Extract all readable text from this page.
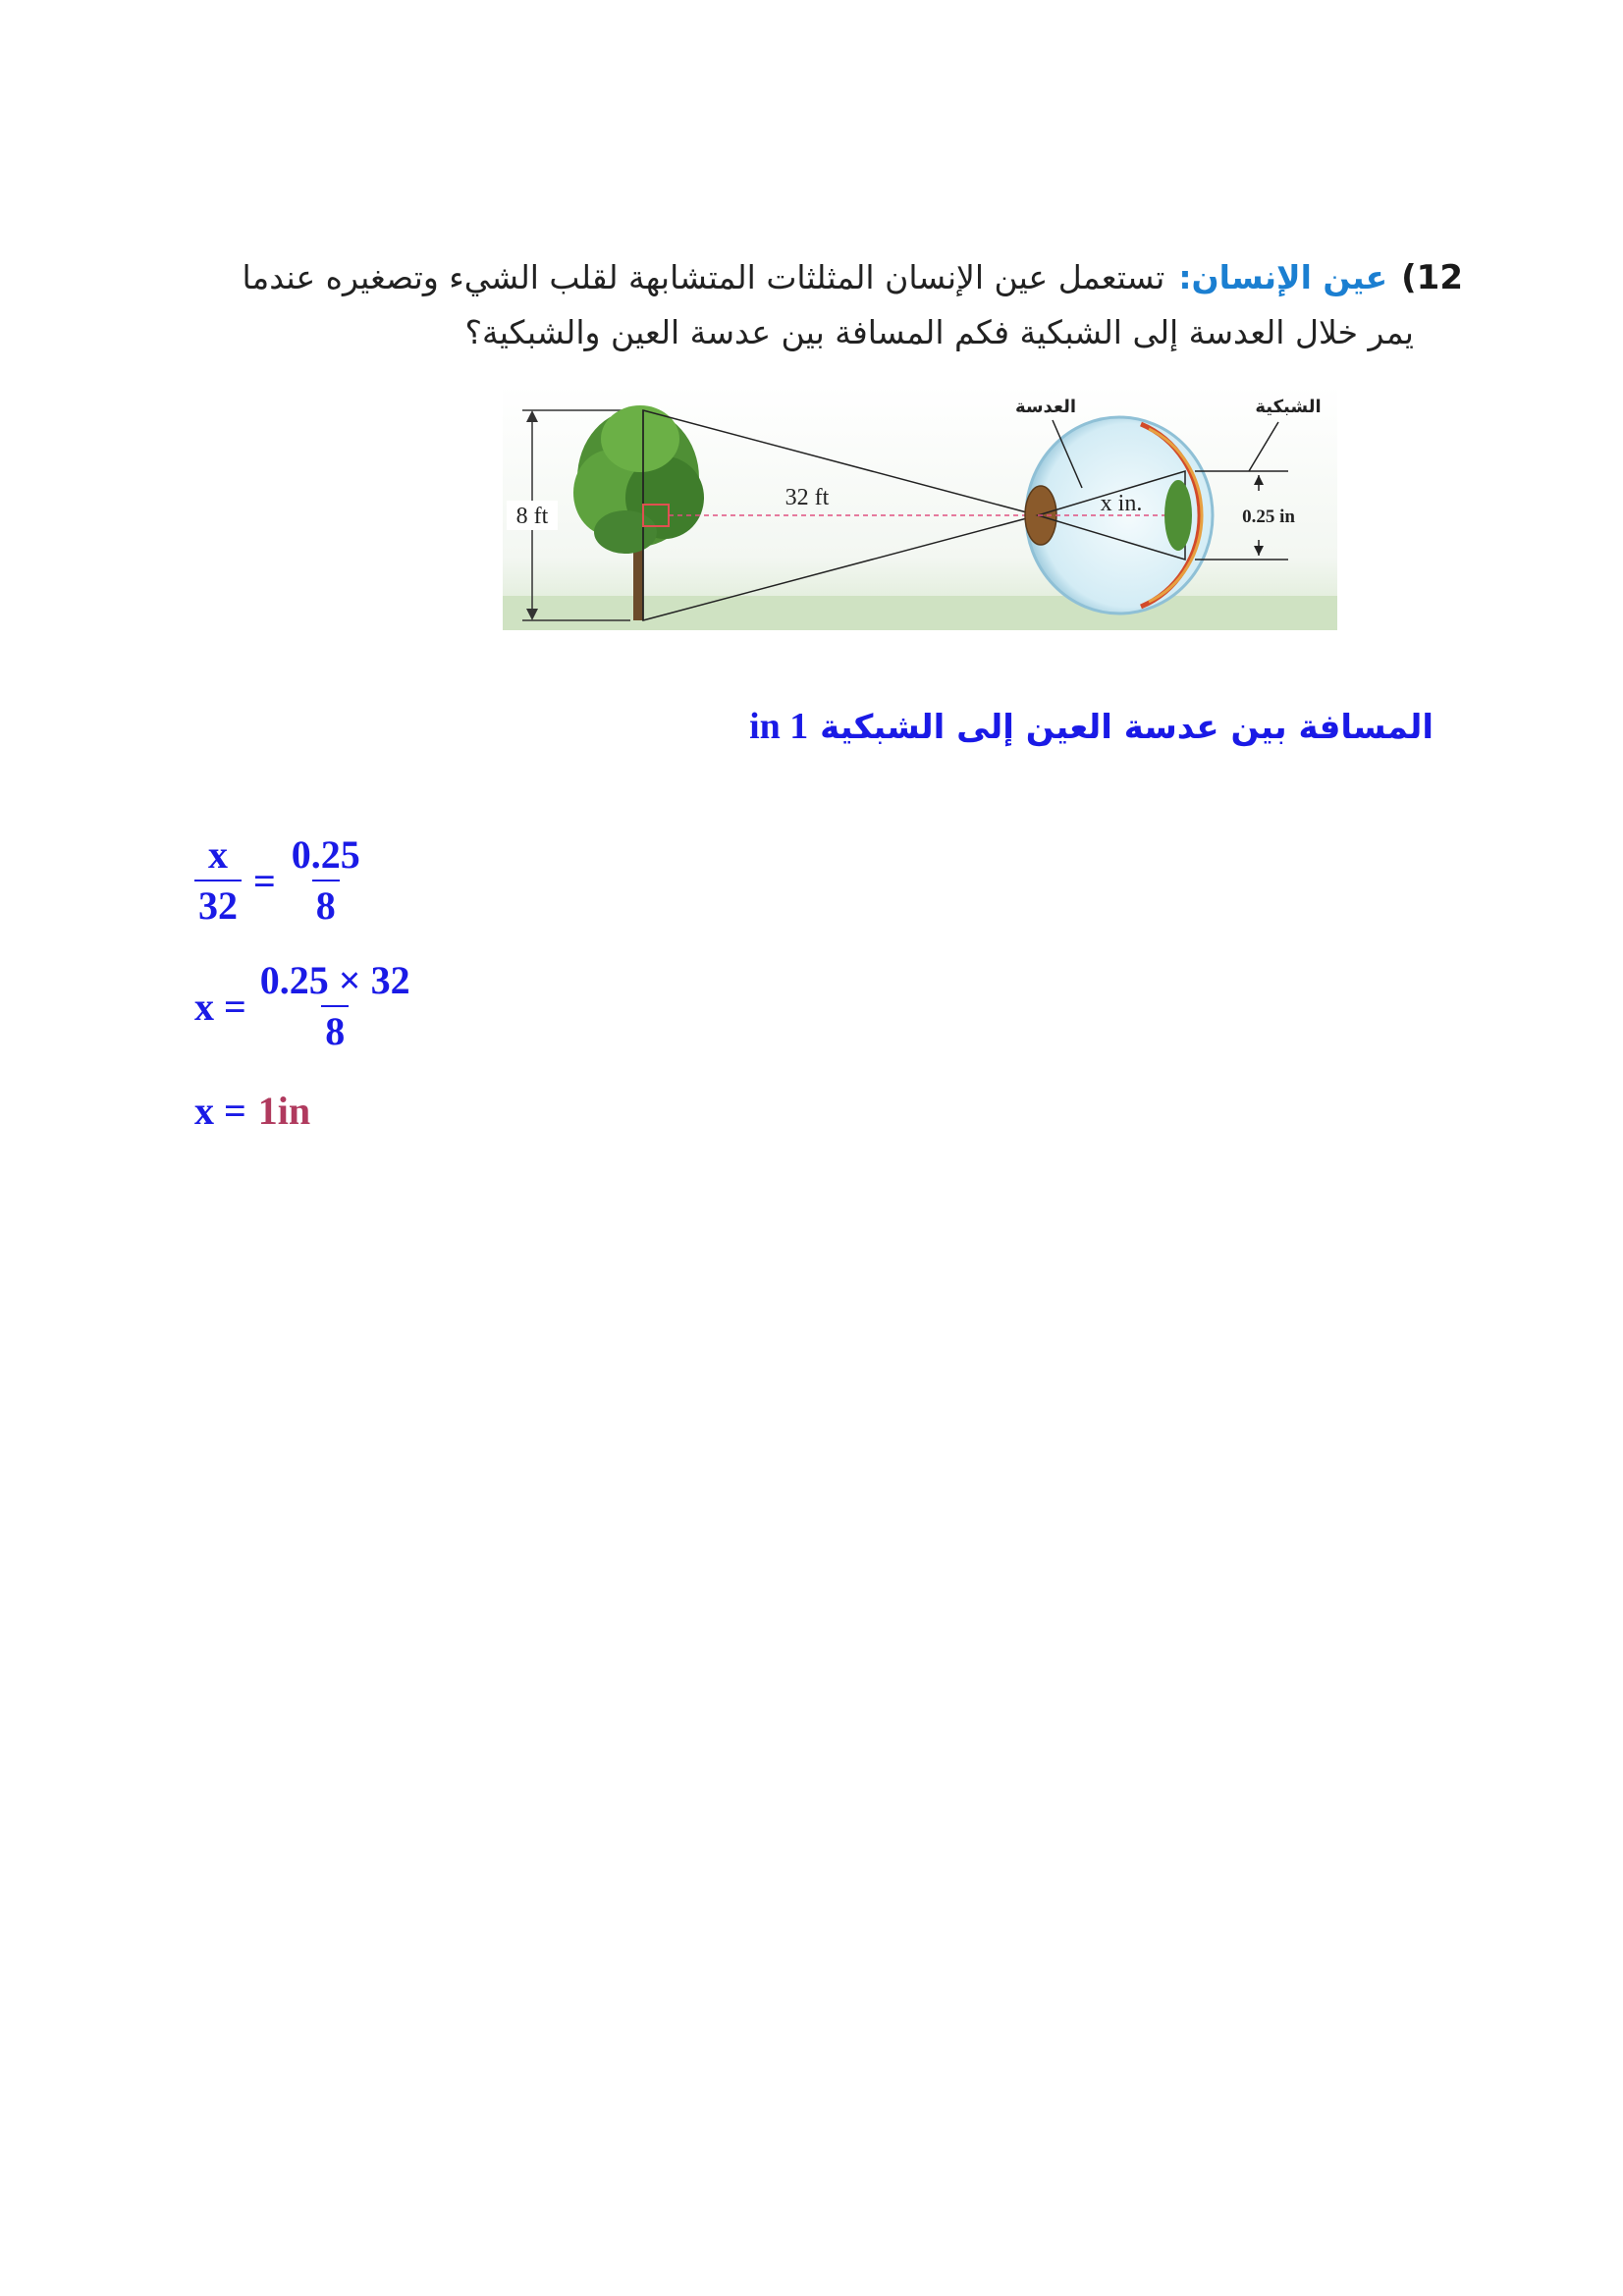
12)عين الإنسان:تستعمل عين الإنسان المثلثات المتشابهة لقلب الشيء وتصغيره عندما
يمر خلال العدسة إلى الشبكية فكم المسافة بين عدسة العين والشبكية؟
8 ft
32 ft	x in.
العدسة	الشبكية
0.25 in
المسافة بين عدسة العين إلى الشبكية 1 in
$\frac{x}{32} = \frac{0.25}{8}$
$x = \frac{0.25 \times 32}{8}$
x = 1in
